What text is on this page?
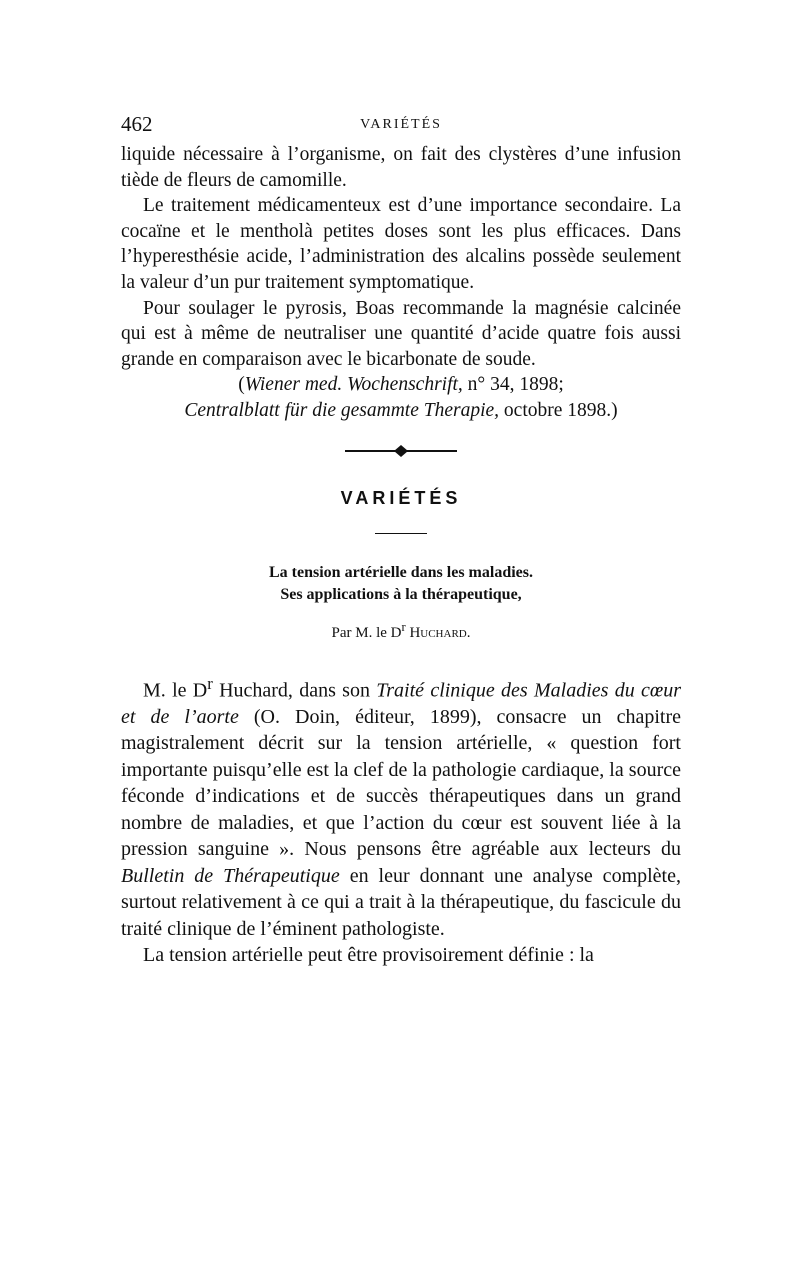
462	VARIÉTÉS

liquide nécessaire à l’organisme, on fait des clystères d’une infusion tiède de fleurs de camomille.

Le traitement médicamenteux est d’une importance secondaire. La cocaïne et le mentholà petites doses sont les plus efficaces. Dans l’hyperesthésie acide, l’administration des alcalins possède seulement la valeur d’un pur traitement symptomatique.

Pour soulager le pyrosis, Boas recommande la magnésie calcinée qui est à même de neutraliser une quantité d’acide quatre fois aussi grande en comparaison avec le bicarbonate de soude.

(Wiener med. Wochenschrift, n° 34, 1898;
Centralblatt für die gesammte Therapie, octobre 1898.)

VARIÉTÉS
La tension artérielle dans les maladies.
Ses applications à la thérapeutique,
Par M. le $D^r$ Huchard.

M. le $D^r$ Huchard, dans son Traité clinique des Maladies du cœur et de l’aorte (O. Doin, éditeur, 1899), consacre un chapitre magistralement décrit sur la tension artérielle, « question fort importante puisqu’elle est la clef de la pathologie cardiaque, la source féconde d’indications et de succès thérapeutiques dans un grand nombre de maladies, et que l’action du cœur est souvent liée à la pression sanguine ». Nous pensons être agréable aux lecteurs du Bulletin de Thérapeutique en leur donnant une analyse complète, surtout relativement à ce qui a trait à la thérapeutique, du fascicule du traité clinique de l’éminent pathologiste.

La tension artérielle peut être provisoirement définie : la
